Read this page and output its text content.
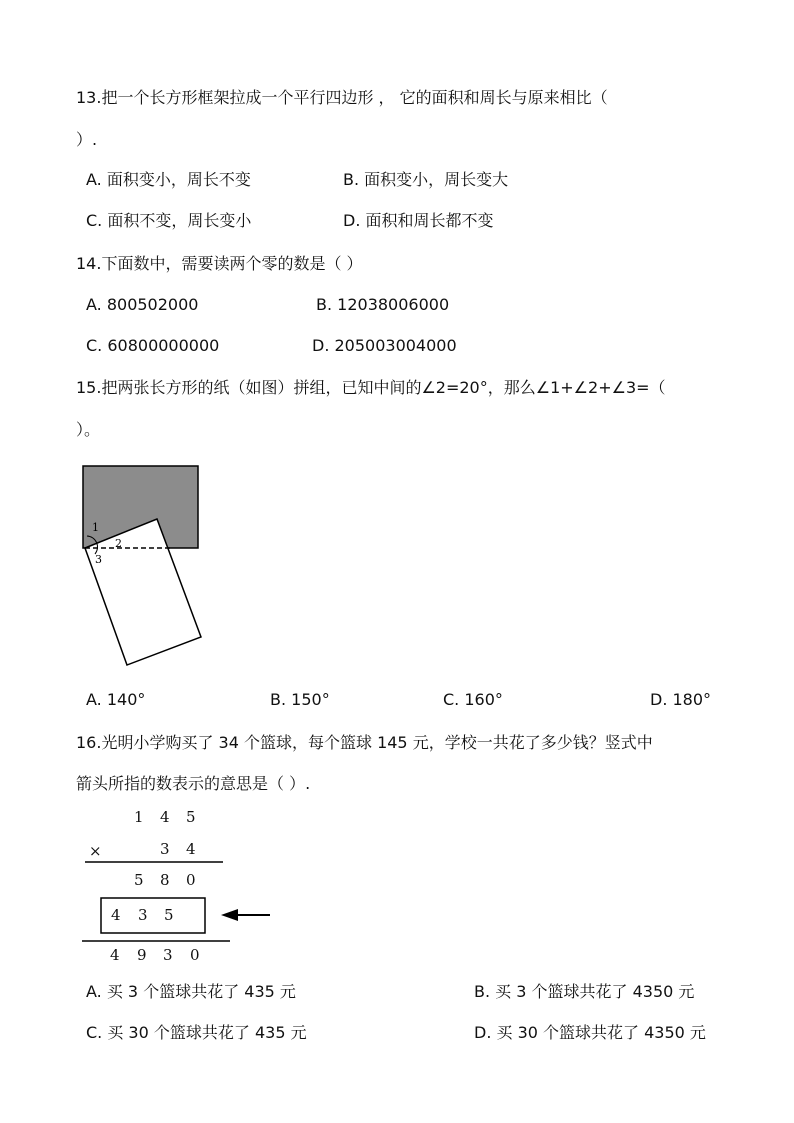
13.把一个长方形框架拉成一个平行四边形 ， 它的面积和周长与原来相比（
）.
A. 面积变小，周长不变	B. 面积变小，周长变大
C. 面积不变，周长变小	D. 面积和周长都不变
14.下面数中，需要读两个零的数是（ ）
A. 800502000	B. 12038006000
C. 60800000000	D. 205003004000
15.把两张长方形的纸（如图）拼组，已知中间的∠2=20°，那么∠1+∠2+∠3=（
）。
1
2
3
A. 140°	B. 150°	C. 160°	D. 180°
16.光明小学购买了 34 个篮球，每个篮球 145 元，学校一共花了多少钱？竖式中
箭头所指的数表示的意思是（ ）.
1 4 5
×	3 4
5 8 0
4 3 5
4 9 3 0
A. 买 3 个篮球共花了 435 元	B. 买 3 个篮球共花了 4350 元
C. 买 30 个篮球共花了 435 元	D. 买 30 个篮球共花了 4350 元
